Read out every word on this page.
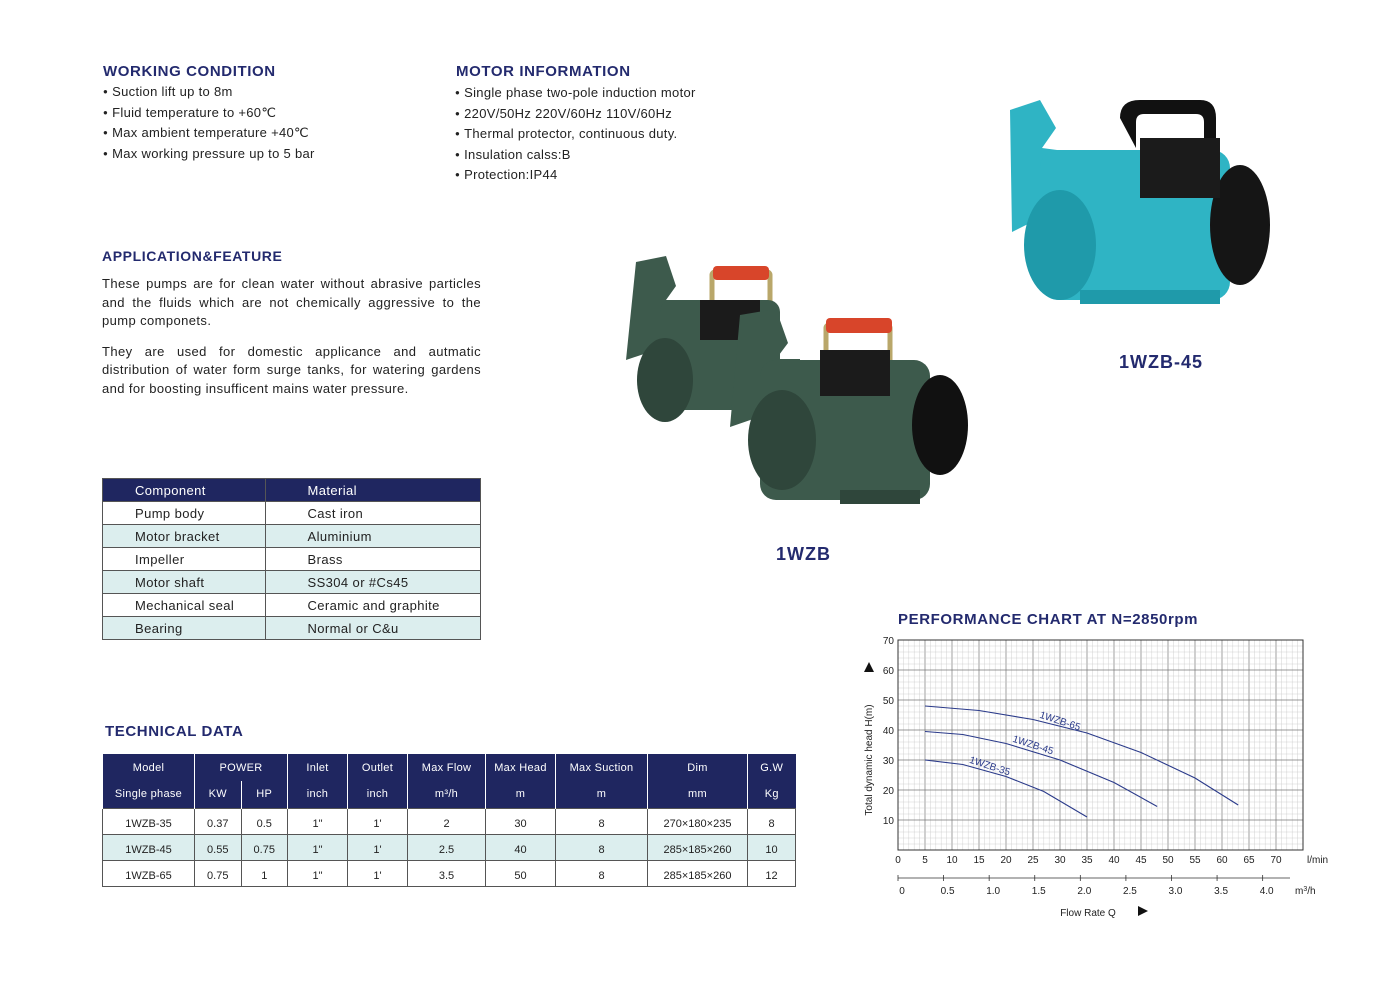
WORKING CONDITION
● Suction lift up to 8m
● Fluid temperature to +60℃
● Max ambient temperature +40℃
● Max working pressure up to 5 bar
MOTOR INFORMATION
● Single phase two-pole induction motor
● 220V/50Hz 220V/60Hz 110V/60Hz
● Thermal protector, continuous duty.
● Insulation calss:B
● Protection:IP44
APPLICATION&FEATURE

These pumps are for clean water without abrasive particles and the fluids which are not chemically aggressive to the pump componets.

They are used for domestic applicance and autmatic distribution of water form surge tanks, for watering gardens and for boosting insufficent mains water pressure.

Component	Material
Pump body	Cast iron
Motor bracket	Aluminium
Impeller	Brass
Motor shaft	SS304 or #Cs45
Mechanical seal	Ceramic and graphite
Bearing	Normal or C&u
TECHNICAL DATA
Model	POWER		Inlet	Outlet	Max Flow	Max Head	Max Suction	Dim	G.W
Single phase	KW	HP	inch	inch	m³/h	m	m	mm	Kg
1WZB-35	0.37	0.5	1"	1'	2	30	8	270×180×235	8
1WZB-45	0.55	0.75	1"	1'	2.5	40	8	285×185×260	10
1WZB-65	0.75	1	1"	1'	3.5	50	8	285×185×260	12
1WZB
1WZB-45
PERFORMANCE CHART AT N=2850rpm
10
20
30
40
50
60
70
0 5 10 15 20 25 30 35 40 45 50 55 60 65 70	l/min
0	0.5	1.0	1.5	2.0	2.5	3.0	3.5	4.0 $m^3/h$
Flow Rate Q
Total dynamic head H(m)	1WZB-65
1WZB-45
1WZB-35
